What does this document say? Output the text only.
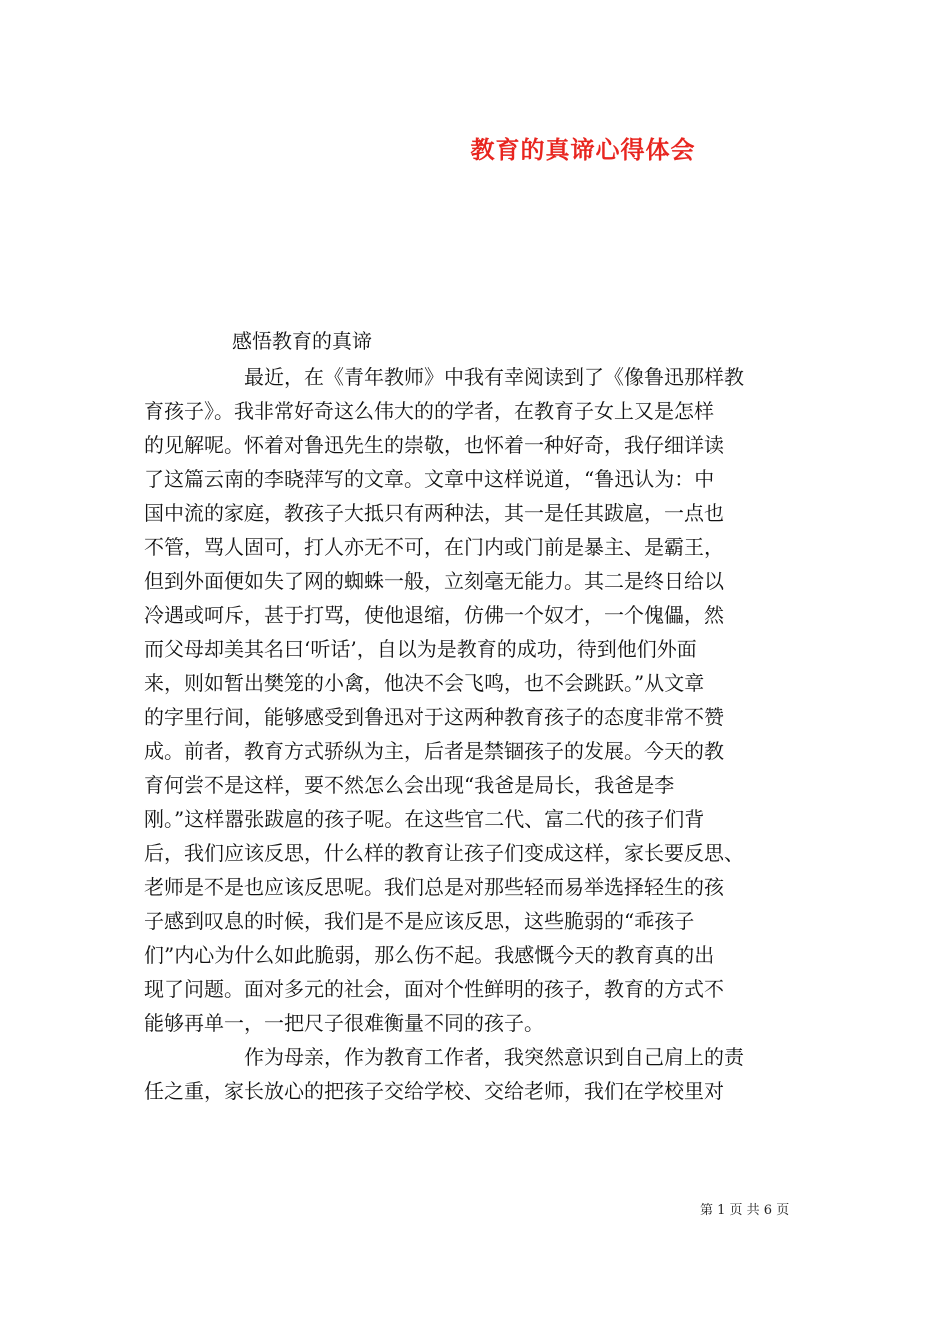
教育的真谛心得体会

感悟教育的真谛

最近，在《青年教师》中我有幸阅读到了《像鲁迅那样教
育孩子》。我非常好奇这么伟大的的学者，在教育子女上又是怎样
的见解呢。怀着对鲁迅先生的崇敬，也怀着一种好奇，我仔细详读
了这篇云南的李晓萍写的文章。文章中这样说道，“鲁迅认为：中
国中流的家庭，教孩子大抵只有两种法，其一是任其跋扈，一点也
不管，骂人固可，打人亦无不可，在门内或门前是暴主、是霸王，
但到外面便如失了网的蜘蛛一般，立刻毫无能力。其二是终日给以
冷遇或呵斥，甚于打骂，使他退缩，仿佛一个奴才，一个傀儡，然
而父母却美其名曰‘听话’，自以为是教育的成功，待到他们外面
来，则如暂出樊笼的小禽，他决不会飞鸣，也不会跳跃。”从文章
的字里行间，能够感受到鲁迅对于这两种教育孩子的态度非常不赞
成。前者，教育方式骄纵为主，后者是禁锢孩子的发展。今天的教
育何尝不是这样，要不然怎么会出现“我爸是局长，我爸是李
刚。”这样嚣张跋扈的孩子呢。在这些官二代、富二代的孩子们背
后，我们应该反思，什么样的教育让孩子们变成这样，家长要反思、
老师是不是也应该反思呢。我们总是对那些轻而易举选择轻生的孩
子感到叹息的时候，我们是不是应该反思，这些脆弱的“乖孩子
们”内心为什么如此脆弱，那么伤不起。我感慨今天的教育真的出
现了问题。面对多元的社会，面对个性鲜明的孩子，教育的方式不
能够再单一，一把尺子很难衡量不同的孩子。

作为母亲，作为教育工作者，我突然意识到自己肩上的责
任之重，家长放心的把孩子交给学校、交给老师，我们在学校里对

第 1 页 共 6 页
